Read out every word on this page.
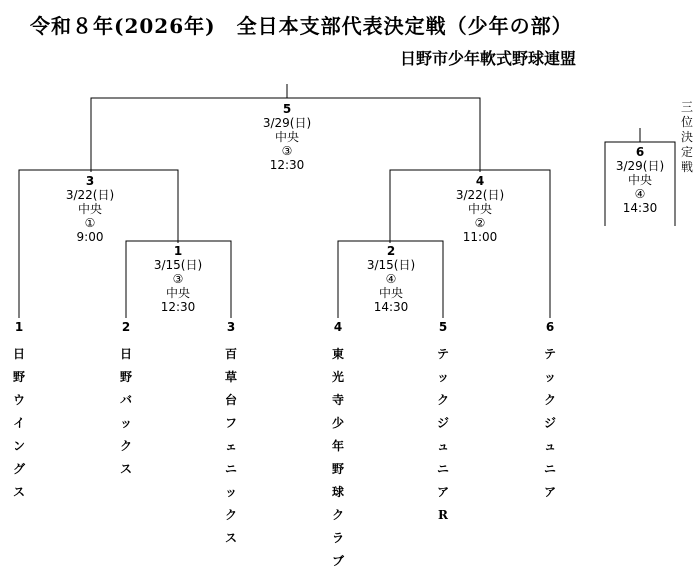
令和８年(2026年)　全日本支部代表決定戦（少年の部）
日野市少年軟式野球連盟
5
3/29(日)
中央
③
12:30
3
3/22(日)
中央
①
9:00
4
3/22(日)
中央
②
11:00
1
3/15(日)
③
中央
12:30
2
3/15(日)
④
中央
14:30
6
3/29(日)
中央
④
14:30
三
位
決
定
戦
1	2	3	4	5	6
日
野
ウ
イ
ン
グ
ス
日
野
バ
ッ
ク
ス
百
草
台
フ
ェ
ニ
ッ
ク
ス
東
光
寺
少
年
野
球
ク
ラ
ブ
テ
ッ
ク
ジ
ュ
ニ
ア
R
テ
ッ
ク
ジ
ュ
ニ
ア
